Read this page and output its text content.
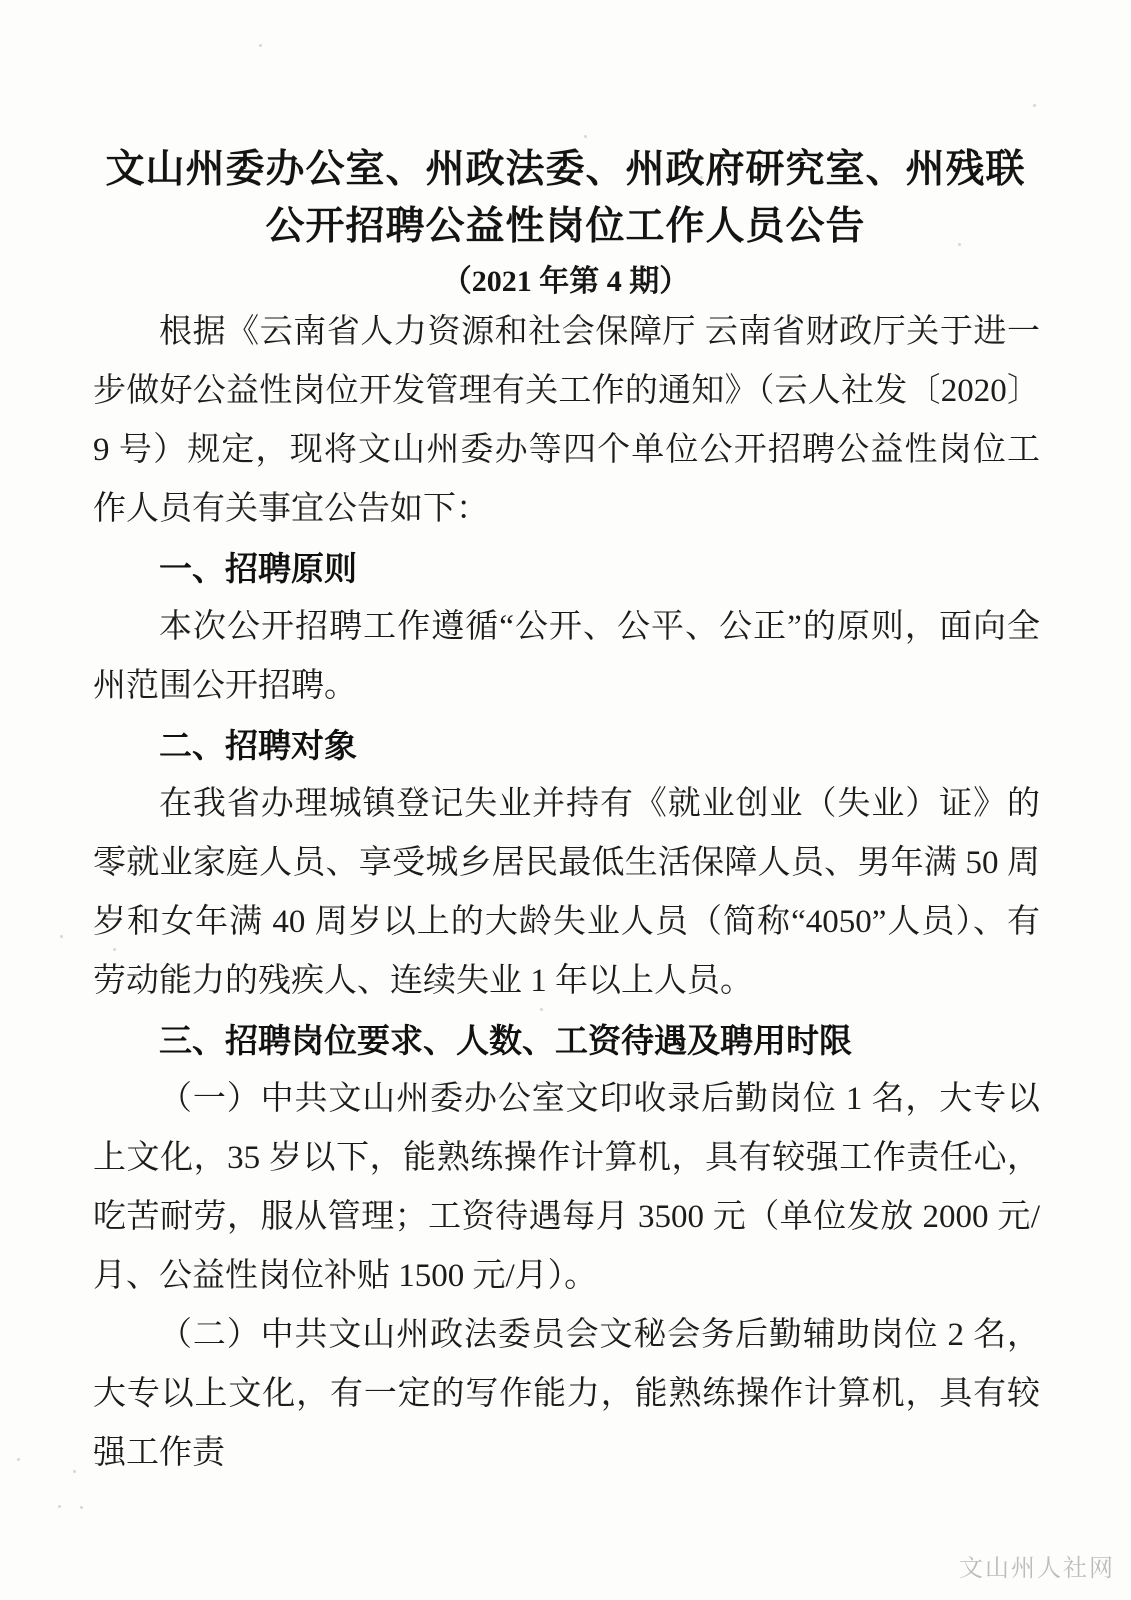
文山州委办公室、州政法委、州政府研究室、州残联
公开招聘公益性岗位工作人员公告
（2021 年第 4 期）
根据《云南省人力资源和社会保障厅 云南省财政厅关于进一步做好公益性岗位开发管理有关工作的通知》（云人社发〔2020〕9 号）规定，现将文山州委办等四个单位公开招聘公益性岗位工作人员有关事宜公告如下：
一、招聘原则
本次公开招聘工作遵循“公开、公平、公正”的原则，面向全州范围公开招聘。
二、招聘对象
在我省办理城镇登记失业并持有《就业创业（失业）证》的零就业家庭人员、享受城乡居民最低生活保障人员、男年满 50 周岁和女年满 40 周岁以上的大龄失业人员（简称“4050”人员）、有劳动能力的残疾人、连续失业 1 年以上人员。
三、招聘岗位要求、人数、工资待遇及聘用时限
（一）中共文山州委办公室文印收录后勤岗位 1 名，大专以上文化，35 岁以下，能熟练操作计算机，具有较强工作责任心，吃苦耐劳，服从管理；工资待遇每月 3500 元（单位发放 2000 元/月、公益性岗位补贴 1500 元/月）。
（二）中共文山州政法委员会文秘会务后勤辅助岗位 2 名，大专以上文化，有一定的写作能力，能熟练操作计算机，具有较强工作责
文山州人社网
